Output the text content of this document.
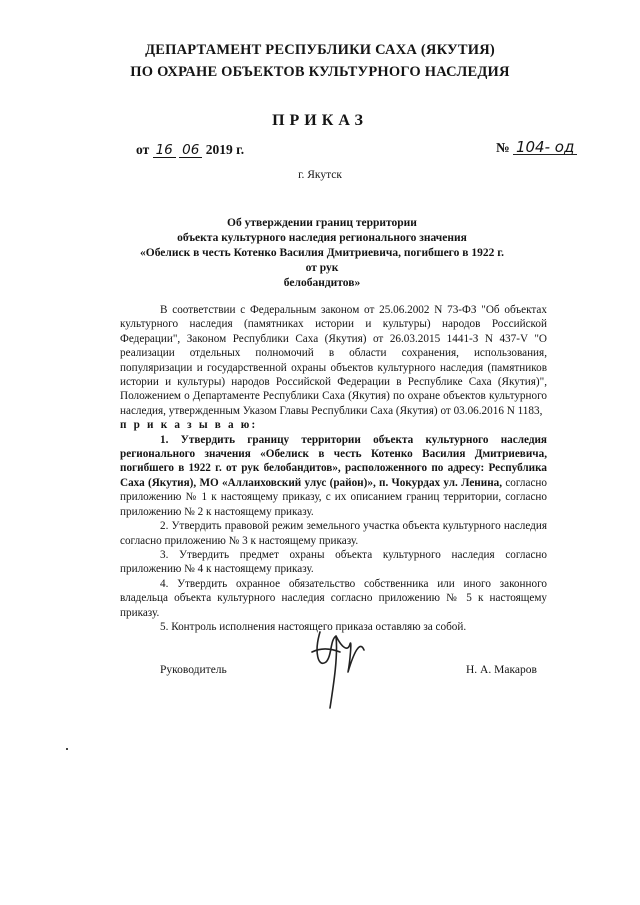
ДЕПАРТАМЕНТ РЕСПУБЛИКИ САХА (ЯКУТИЯ)
ПО ОХРАНЕ ОБЪЕКТОВ КУЛЬТУРНОГО НАСЛЕДИЯ
ПРИКАЗ
от 16 06 2019 г.	№ 104- од
г. Якутск
Об утверждении границ территории
объекта культурного наследия регионального значения
«Обелиск в честь Котенко Василия Дмитриевича, погибшего в 1922 г. от рук
белобандитов»

В соответствии с Федеральным законом от 25.06.2002 N 73-ФЗ "Об объектах культурного наследия (памятниках истории и культуры) народов Российской Федерации", Законом Республики Саха (Якутия) от 26.03.2015 1441-З N 437-V "О реализации отдельных полномочий в области сохранения, использования, популяризации и государственной охраны объектов культурного наследия (памятников истории и культуры) народов Российской Федерации в Республике Саха (Якутия)", Положением о Департаменте Республики Саха (Якутия) по охране объектов культурного наследия, утвержденным Указом Главы Республики Саха (Якутия) от 03.06.2016 N 1183,

п р и к а з ы в а ю:

1. Утвердить границу территории объекта культурного наследия регионального значения «Обелиск в честь Котенко Василия Дмитриевича, погибшего в 1922 г. от рук белобандитов», расположенного по адресу: Республика Саха (Якутия), МО «Аллаиховский улус (район)», п. Чокурдах ул. Ленина, согласно приложению № 1 к настоящему приказу, с их описанием границ территории, согласно приложению № 2 к настоящему приказу.

2. Утвердить правовой режим земельного участка объекта культурного наследия согласно приложению № 3 к настоящему приказу.

3. Утвердить предмет охраны объекта культурного наследия согласно приложению № 4 к настоящему приказу.

4. Утвердить охранное обязательство собственника или иного законного владельца объекта культурного наследия согласно приложению № 5 к настоящему приказу.

5. Контроль исполнения настоящего приказа оставляю за собой.

Руководитель	Н. А. Макаров
